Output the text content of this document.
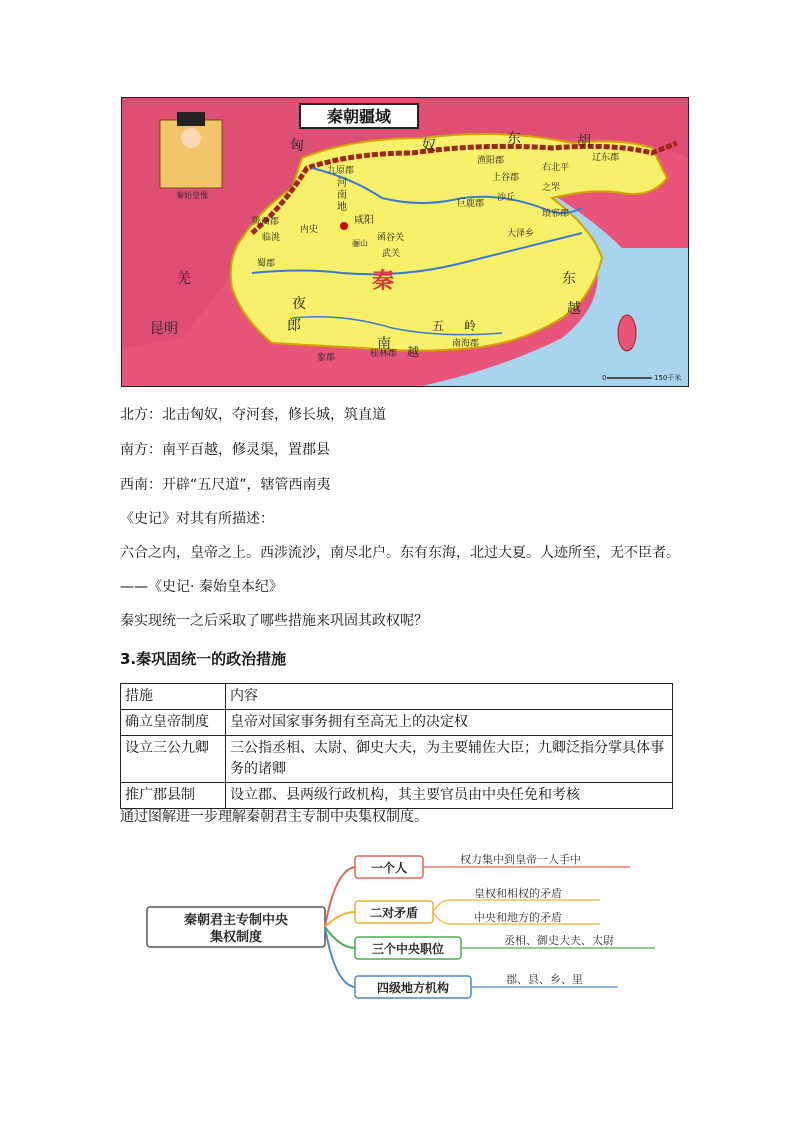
秦朝疆域
秦始皇像
秦
匈	奴	东	胡
羌
夜
郎
南 越
东
越
昆明	五 岭
九原郡
河
南
地
渔阳郡
上谷郡
辽东郡
右北平
巨鹿郡
琅邪郡
咸阳
内史
陇西郡
临洮	函谷关
骊山
武关
蜀郡
大泽乡
象郡	桂林郡
南海郡
沙丘
之罘
0	150千米
北方：北击匈奴，夺河套，修长城，筑直道
南方：南平百越，修灵渠，置郡县
西南：开辟“五尺道”，辖管西南夷
《史记》对其有所描述：
六合之内，皇帝之上。西涉流沙，南尽北户。东有东海，北过大夏。人迹所至，无不臣者。
——《史记· 秦始皇本纪》
秦实现统一之后采取了哪些措施来巩固其政权呢？
3.秦巩固统一的政治措施
措施	内容
确立皇帝制度	皇帝对国家事务拥有至高无上的决定权
设立三公九卿	三公指丞相、太尉、御史大夫，为主要辅佐大臣；九卿泛指分掌具体事务的诸卿
推广郡县制	设立郡、县两级行政机构，其主要官员由中央任免和考核
通过图解进一步理解秦朝君主专制中央集权制度。
秦朝君主专制中央
集权制度
一个人
权力集中到皇帝一人手中
二对矛盾
皇权和相权的矛盾
中央和地方的矛盾
三个中央职位
丞相、御史大夫、太尉
四级地方机构
郡、县、乡、里
